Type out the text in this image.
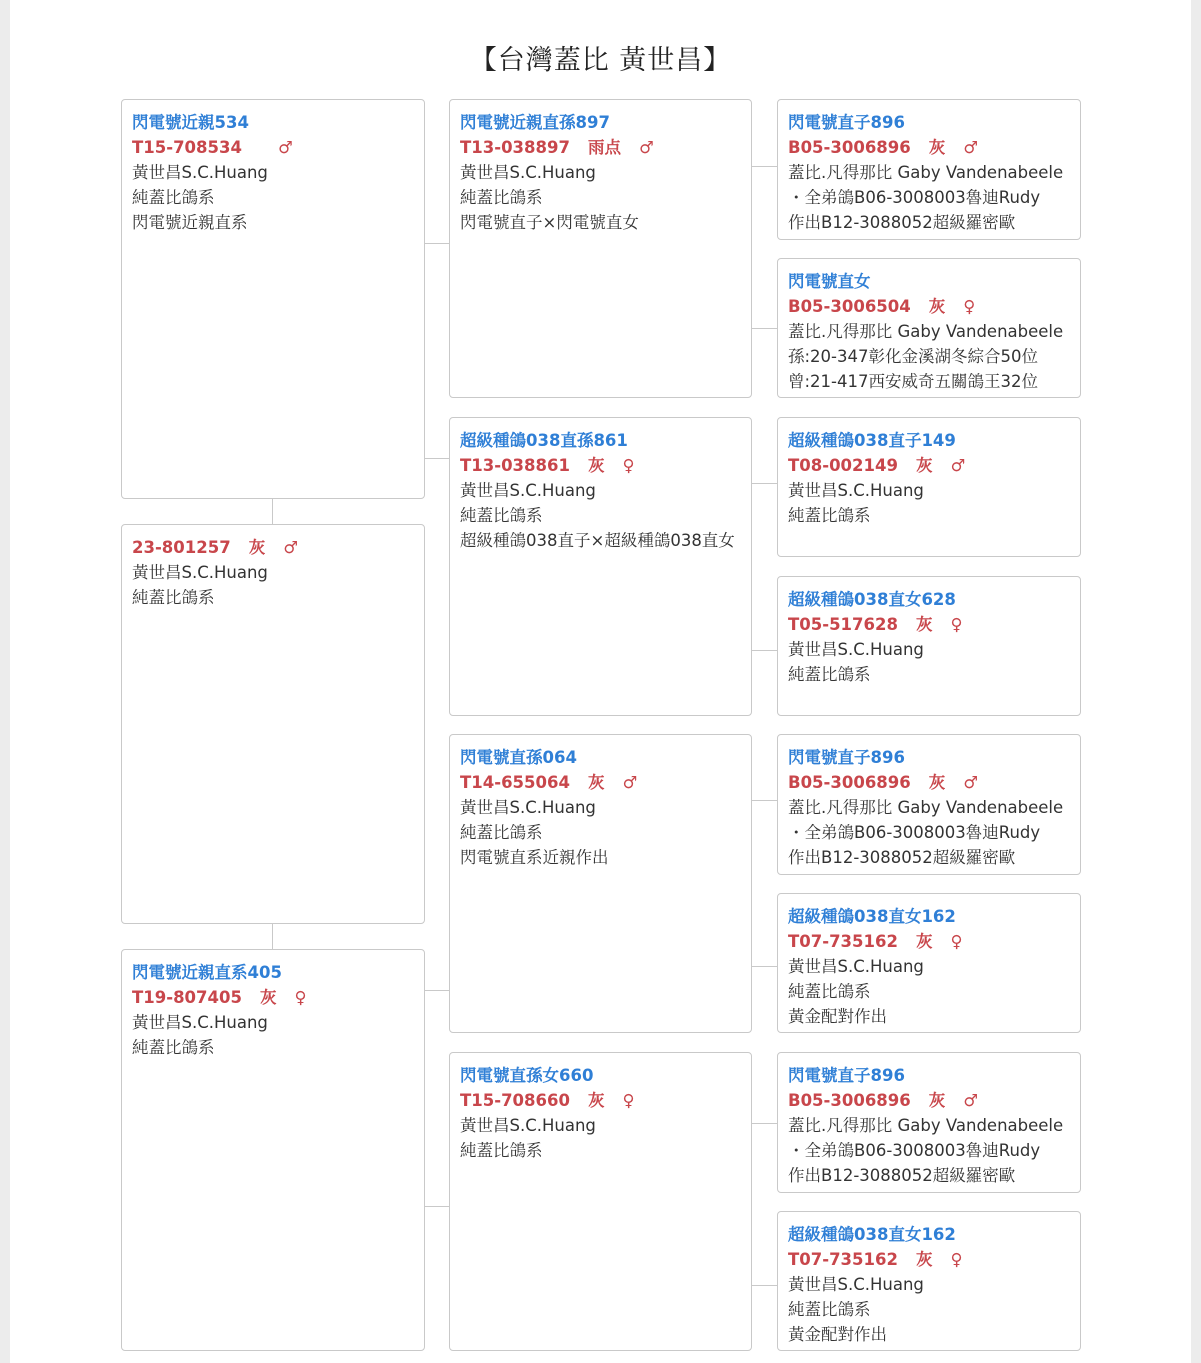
【台灣蓋比 黃世昌】
閃電號近親534
T15-708534 ♂
黃世昌S.C.Huang
純蓋比鴿系
閃電號近親直系
23-801257 灰 ♂
黃世昌S.C.Huang
純蓋比鴿系
閃電號近親直系405
T19-807405 灰 ♀
黃世昌S.C.Huang
純蓋比鴿系
閃電號近親直孫897
T13-038897 雨点 ♂
黃世昌S.C.Huang
純蓋比鴿系
閃電號直子×閃電號直女
超級種鴿038直孫861
T13-038861 灰 ♀
黃世昌S.C.Huang
純蓋比鴿系
超級種鴿038直子×超級種鴿038直女
閃電號直孫064
T14-655064 灰 ♂
黃世昌S.C.Huang
純蓋比鴿系
閃電號直系近親作出
閃電號直孫女660
T15-708660 灰 ♀
黃世昌S.C.Huang
純蓋比鴿系
閃電號直子896
B05-3006896 灰 ♂
蓋比.凡得那比 Gaby Vandenabeele
・全弟鴿B06-3008003魯迪Rudy
作出B12-3088052超級羅密歐
閃電號直女
B05-3006504 灰 ♀
蓋比.凡得那比 Gaby Vandenabeele
孫:20-347彰化金溪湖冬綜合50位
曾:21-417西安威奇五關鴿王32位
超級種鴿038直子149
T08-002149 灰 ♂
黃世昌S.C.Huang
純蓋比鴿系
超級種鴿038直女628
T05-517628 灰 ♀
黃世昌S.C.Huang
純蓋比鴿系
閃電號直子896
B05-3006896 灰 ♂
蓋比.凡得那比 Gaby Vandenabeele
・全弟鴿B06-3008003魯迪Rudy
作出B12-3088052超級羅密歐
超級種鴿038直女162
T07-735162 灰 ♀
黃世昌S.C.Huang
純蓋比鴿系
黃金配對作出
閃電號直子896
B05-3006896 灰 ♂
蓋比.凡得那比 Gaby Vandenabeele
・全弟鴿B06-3008003魯迪Rudy
作出B12-3088052超級羅密歐
超級種鴿038直女162
T07-735162 灰 ♀
黃世昌S.C.Huang
純蓋比鴿系
黃金配對作出
